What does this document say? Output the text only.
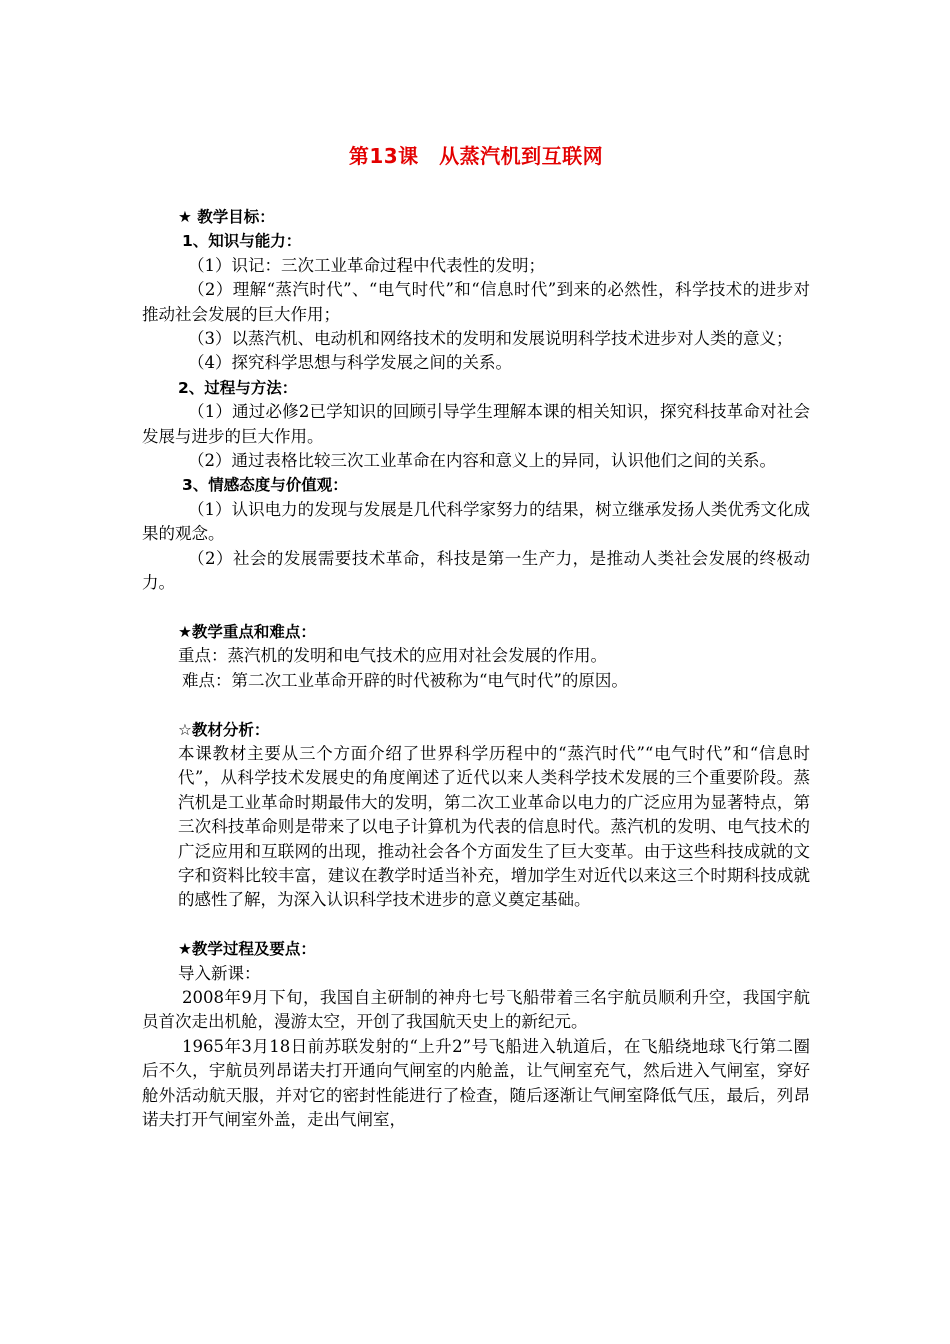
第13课　从蒸汽机到互联网

★ 教学目标：

1、知识与能力：

（1）识记：三次工业革命过程中代表性的发明；

（2）理解“蒸汽时代”、“电气时代”和“信息时代”到来的必然性，科学技术的进步对推动社会发展的巨大作用；

（3）以蒸汽机、电动机和网络技术的发明和发展说明科学技术进步对人类的意义；

（4）探究科学思想与科学发展之间的关系。

2、过程与方法：

（1）通过必修2已学知识的回顾引导学生理解本课的相关知识，探究科技革命对社会发展与进步的巨大作用。

（2）通过表格比较三次工业革命在内容和意义上的异同，认识他们之间的关系。

3、情感态度与价值观：

（1）认识电力的发现与发展是几代科学家努力的结果，树立继承发扬人类优秀文化成果的观念。

（2）社会的发展需要技术革命，科技是第一生产力，是推动人类社会发展的终极动力。

★教学重点和难点：

重点：蒸汽机的发明和电气技术的应用对社会发展的作用。

难点：第二次工业革命开辟的时代被称为“电气时代”的原因。

☆教材分析：

本课教材主要从三个方面介绍了世界科学历程中的“蒸汽时代”“电气时代”和“信息时代”，从科学技术发展史的角度阐述了近代以来人类科学技术发展的三个重要阶段。蒸汽机是工业革命时期最伟大的发明，第二次工业革命以电力的广泛应用为显著特点，第三次科技革命则是带来了以电子计算机为代表的信息时代。蒸汽机的发明、电气技术的广泛应用和互联网的出现，推动社会各个方面发生了巨大变革。由于这些科技成就的文字和资料比较丰富，建议在教学时适当补充，增加学生对近代以来这三个时期科技成就的感性了解，为深入认识科学技术进步的意义奠定基础。

★教学过程及要点：

导入新课：

2008年9月下旬，我国自主研制的神舟七号飞船带着三名宇航员顺利升空，我国宇航员首次走出机舱，漫游太空，开创了我国航天史上的新纪元。

1965年3月18日前苏联发射的“上升2”号飞船进入轨道后，在飞船绕地球飞行第二圈后不久，宇航员列昂诺夫打开通向气闸室的内舱盖，让气闸室充气，然后进入气闸室，穿好舱外活动航天服，并对它的密封性能进行了检查，随后逐渐让气闸室降低气压，最后，列昂诺夫打开气闸室外盖，走出气闸室，
